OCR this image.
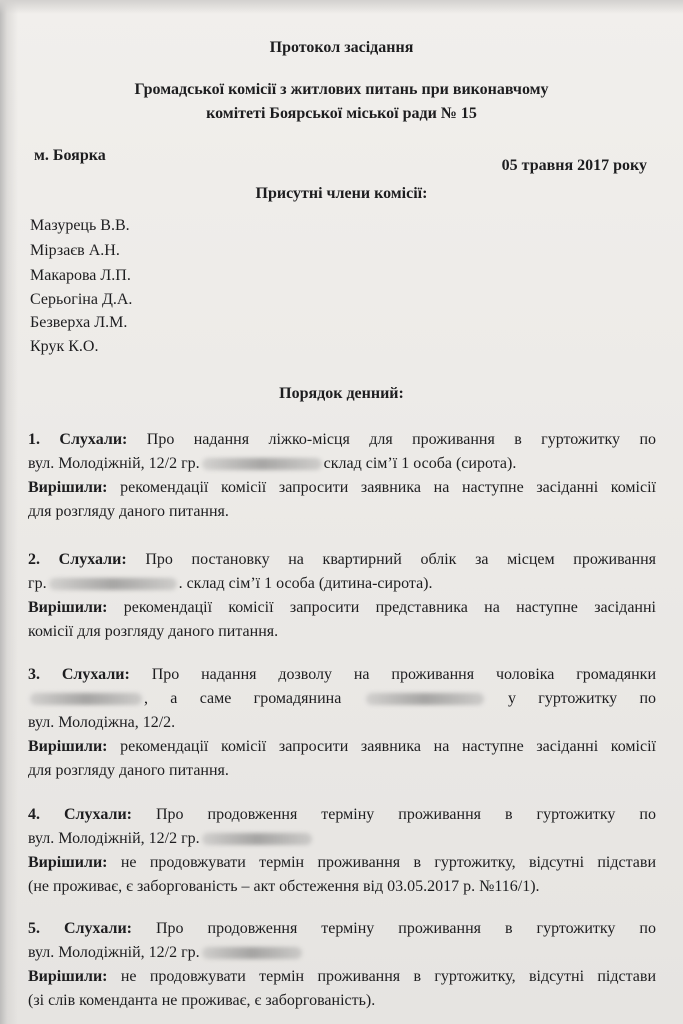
Протокол засідання
Громадської комісії з житлових питань при виконавчому
комітеті Боярської міської ради № 15
м. Боярка
05 травня 2017 року
Присутні члени комісії:
Мазурець В.В.
Мірзаєв А.Н.
Макарова Л.П.
Серьогіна Д.А.
Безверха Л.М.
Крук К.О.
Порядок денний:
1. Слухали: Про надання ліжко-місця для проживання в гуртожитку по
вул. Молодіжній, 12/2 гр.	склад сім’ї 1 особа (сирота).
Вирішили: рекомендації комісії запросити заявника на наступне засіданні комісії
для розгляду даного питання.
2. Слухали: Про постановку на квартирний облік за місцем проживання
гр.	. склад сім’ї 1 особа (дитина-сирота).
Вирішили: рекомендації комісії запросити представника на наступне засіданні
комісії для розгляду даного питання.
3. Слухали: Про надання дозволу на проживання чоловіка громадянки
, а саме громадянина	у гуртожитку по
вул. Молодіжна, 12/2.
Вирішили: рекомендації комісії запросити заявника на наступне засіданні комісії
для розгляду даного питання.
4. Слухали: Про продовження терміну проживання в гуртожитку по
вул. Молодіжній, 12/2 гр.
Вирішили: не продовжувати термін проживання в гуртожитку, відсутні підстави
(не проживає, є заборгованість – акт обстеження від 03.05.2017 р. №116/1).
5. Слухали: Про продовження терміну проживання в гуртожитку по
вул. Молодіжній, 12/2 гр.
Вирішили: не продовжувати термін проживання в гуртожитку, відсутні підстави
(зі слів коменданта не проживає, є заборгованість).
